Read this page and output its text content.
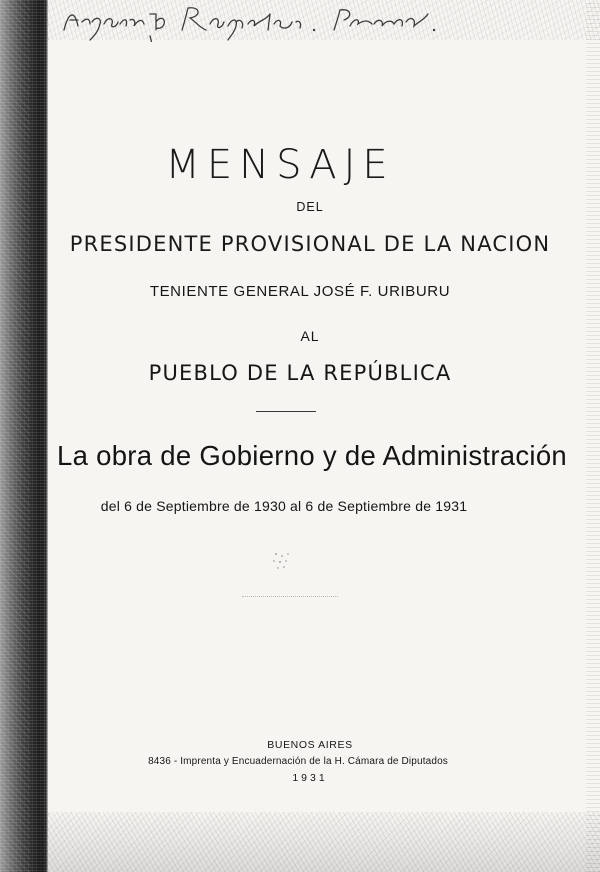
MENSAJE
DEL
PRESIDENTE PROVISIONAL DE LA NACION
TENIENTE GENERAL JOSÉ F. URIBURU
AL
PUEBLO DE LA REPÚBLICA
La obra de Gobierno y de Administración
del 6 de Septiembre de 1930 al 6 de Septiembre de 1931
BUENOS AIRES
8436 - Imprenta y Encuadernación de la H. Cámara de Diputados
1931
